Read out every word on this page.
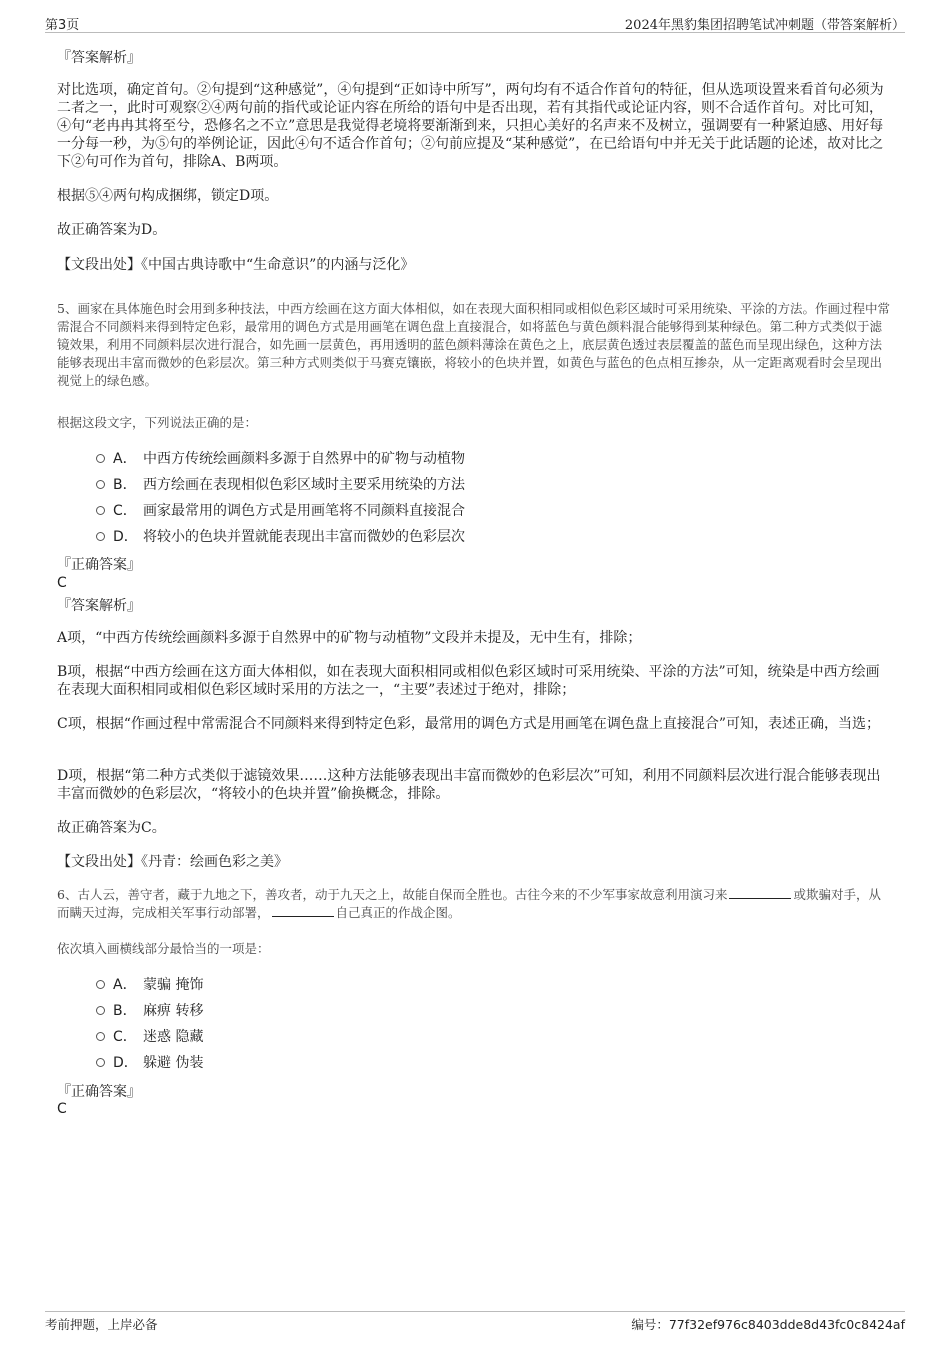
第3页	2024年黑豹集团招聘笔试冲刺题（带答案解析）
『答案解析』

对比选项，确定首句。②句提到“这种感觉”，④句提到“正如诗中所写”，两句均有不适合作首句的特征，但从选项设置来看首句必须为二者之一，此时可观察②④两句前的指代或论证内容在所给的语句中是否出现，若有其指代或论证内容，则不合适作首句。对比可知，④句“老冉冉其将至兮，恐修名之不立”意思是我觉得老境将要渐渐到来，只担心美好的名声来不及树立，强调要有一种紧迫感、用好每一分每一秒，为⑤句的举例论证，因此④句不适合作首句；②句前应提及“某种感觉”，在已给语句中并无关于此话题的论述，故对比之下②句可作为首句，排除A、B两项。

根据⑤④两句构成捆绑，锁定D项。

故正确答案为D。

【文段出处】《中国古典诗歌中“生命意识”的内涵与泛化》

5、画家在具体施色时会用到多种技法，中西方绘画在这方面大体相似，如在表现大面积相同或相似色彩区域时可采用统染、平涂的方法。作画过程中常需混合不同颜料来得到特定色彩，最常用的调色方式是用画笔在调色盘上直接混合，如将蓝色与黄色颜料混合能够得到某种绿色。第二种方式类似于滤镜效果，利用不同颜料层次进行混合，如先画一层黄色，再用透明的蓝色颜料薄涂在黄色之上，底层黄色透过表层覆盖的蓝色而呈现出绿色，这种方法能够表现出丰富而微妙的色彩层次。第三种方式则类似于马赛克镶嵌，将较小的色块并置，如黄色与蓝色的色点相互掺杂，从一定距离观看时会呈现出视觉上的绿色感。

根据这段文字，下列说法正确的是：

A． 中西方传统绘画颜料多源于自然界中的矿物与动植物
B． 西方绘画在表现相似色彩区域时主要采用统染的方法
C． 画家最常用的调色方式是用画笔将不同颜料直接混合
D． 将较小的色块并置就能表现出丰富而微妙的色彩层次
『正确答案』
C
『答案解析』

A项，“中西方传统绘画颜料多源于自然界中的矿物与动植物”文段并未提及，无中生有，排除；

B项，根据“中西方绘画在这方面大体相似，如在表现大面积相同或相似色彩区域时可采用统染、平涂的方法”可知，统染是中西方绘画在表现大面积相同或相似色彩区域时采用的方法之一，“主要”表述过于绝对，排除；

C项，根据“作画过程中常需混合不同颜料来得到特定色彩，最常用的调色方式是用画笔在调色盘上直接混合”可知，表述正确，当选；

D项，根据“第二种方式类似于滤镜效果……这种方法能够表现出丰富而微妙的色彩层次”可知，利用不同颜料层次进行混合能够表现出丰富而微妙的色彩层次，“将较小的色块并置”偷换概念，排除。

故正确答案为C。

【文段出处】《丹青：绘画色彩之美》

6、古人云，善守者，藏于九地之下，善攻者，动于九天之上，故能自保而全胜也。古往今来的不少军事家故意利用演习来	或欺骗对手，从而瞒天过海，完成相关军事行动部署，	自己真正的作战企图。

依次填入画横线部分最恰当的一项是：

A． 蒙骗 掩饰
B． 麻痹 转移
C． 迷惑 隐藏
D． 躲避 伪装
『正确答案』
C
考前押题，上岸必备	编号：77f32ef976c8403dde8d43fc0c8424af
